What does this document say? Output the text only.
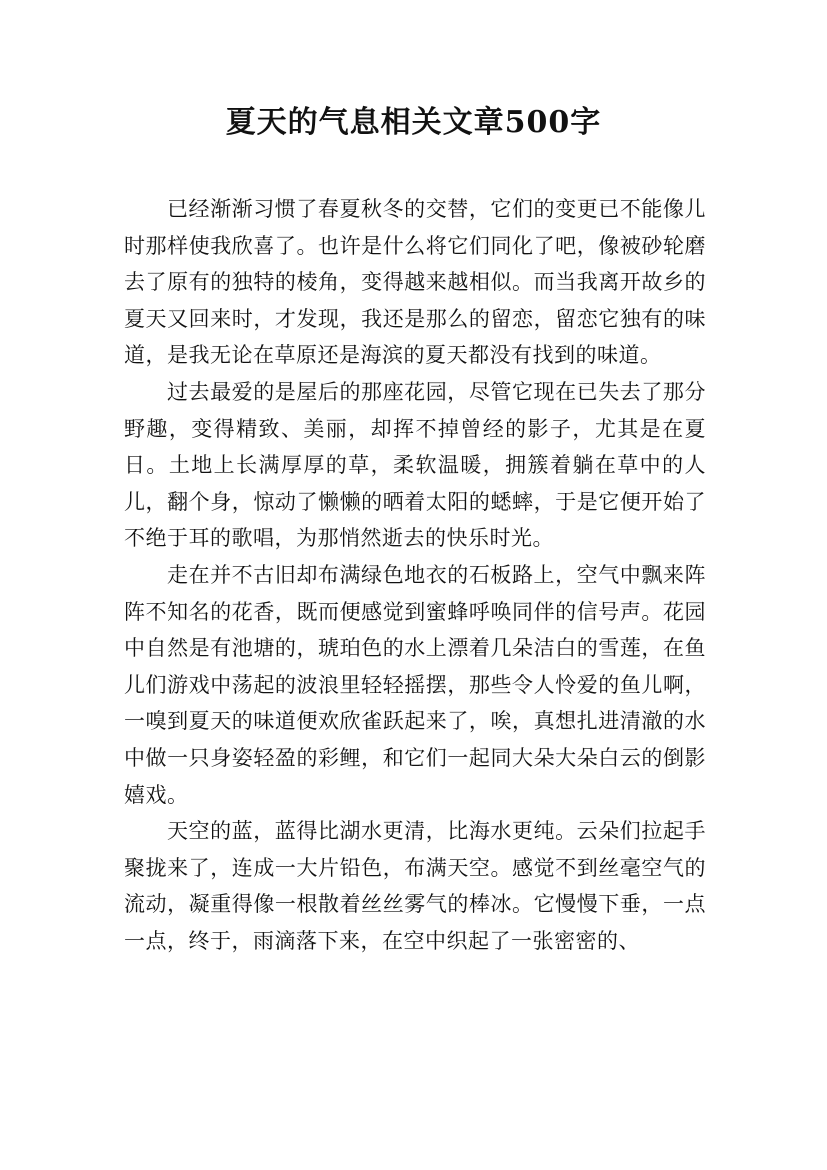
夏天的气息相关文章500字

已经渐渐习惯了春夏秋冬的交替，它们的变更已不能像儿时那样使我欣喜了。也许是什么将它们同化了吧，像被砂轮磨去了原有的独特的棱角，变得越来越相似。而当我离开故乡的夏天又回来时，才发现，我还是那么的留恋，留恋它独有的味道，是我无论在草原还是海滨的夏天都没有找到的味道。

过去最爱的是屋后的那座花园，尽管它现在已失去了那分野趣，变得精致、美丽，却挥不掉曾经的影子，尤其是在夏日。土地上长满厚厚的草，柔软温暖，拥簇着躺在草中的人儿，翻个身，惊动了懒懒的晒着太阳的蟋蟀，于是它便开始了不绝于耳的歌唱，为那悄然逝去的快乐时光。

走在并不古旧却布满绿色地衣的石板路上，空气中飘来阵阵不知名的花香，既而便感觉到蜜蜂呼唤同伴的信号声。花园中自然是有池塘的，琥珀色的水上漂着几朵洁白的雪莲，在鱼儿们游戏中荡起的波浪里轻轻摇摆，那些令人怜爱的鱼儿啊，一嗅到夏天的味道便欢欣雀跃起来了，唉，真想扎进清澈的水中做一只身姿轻盈的彩鲤，和它们一起同大朵大朵白云的倒影嬉戏。

天空的蓝，蓝得比湖水更清，比海水更纯。云朵们拉起手聚拢来了，连成一大片铅色，布满天空。感觉不到丝毫空气的流动，凝重得像一根散着丝丝雾气的棒冰。它慢慢下垂，一点一点，终于，雨滴落下来，在空中织起了一张密密的、
